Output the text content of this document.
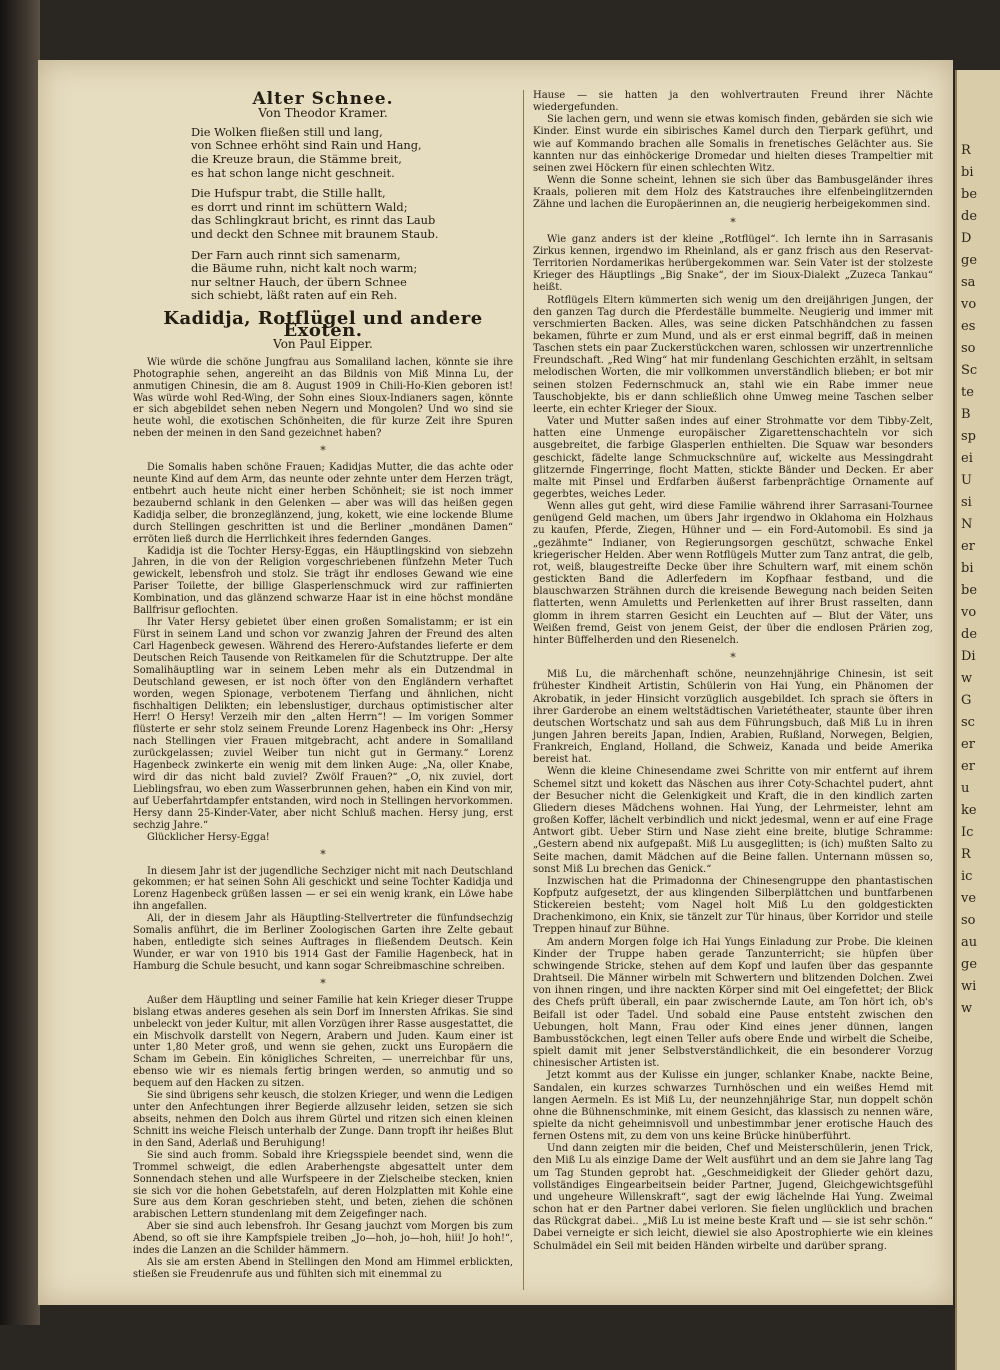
Alter Schnee.
Von Theodor Kramer.
Die Wolken fließen still und lang,
von Schnee erhöht sind Rain und Hang,
die Kreuze braun, die Stämme breit,
es hat schon lange nicht geschneit.
Die Hufspur trabt, die Stille hallt,
es dorrt und rinnt im schüttern Wald;
das Schlingkraut bricht, es rinnt das Laub
und deckt den Schnee mit braunem Staub.
Der Farn auch rinnt sich samenarm,
die Bäume ruhn, nicht kalt noch warm;
nur seltner Hauch, der übern Schnee
sich schiebt, läßt raten auf ein Reh.
Kadidja, Rotflügel und andere Exoten.
Von Paul Eipper.

Wie würde die schöne Jungfrau aus Somaliland lachen, könnte sie ihre Photographie sehen, angereiht an das Bildnis von Miß Minna Lu, der anmutigen Chinesin, die am 8. August 1909 in Chili-Ho-Kien geboren ist! Was würde wohl Red-Wing, der Sohn eines Sioux-Indianers sagen, könnte er sich abgebildet sehen neben Negern und Mongolen? Und wo sind sie heute wohl, die exotischen Schönheiten, die für kurze Zeit ihre Spuren neben der meinen in den Sand gezeichnet haben?

*

Die Somalis haben schöne Frauen; Kadidjas Mutter, die das achte oder neunte Kind auf dem Arm, das neunte oder zehnte unter dem Herzen trägt, entbehrt auch heute nicht einer herben Schönheit; sie ist noch immer bezaubernd schlank in den Gelenken — aber was will das heißen gegen Kadidja selber, die bronzeglänzend, jung, kokett, wie eine lockende Blume durch Stellingen geschritten ist und die Berliner „mondänen Damen“ erröten ließ durch die Herrlichkeit ihres federnden Ganges.

Kadidja ist die Tochter Hersy-Eggas, ein Häuptlingskind von siebzehn Jahren, in die von der Religion vorgeschriebenen fünfzehn Meter Tuch gewickelt, lebensfroh und stolz. Sie trägt ihr endloses Gewand wie eine Pariser Toilette, der billige Glasperlenschmuck wird zur raffinierten Kombination, und das glänzend schwarze Haar ist in eine höchst mondäne Ballfrisur geflochten.

Ihr Vater Hersy gebietet über einen großen Somalistamm; er ist ein Fürst in seinem Land und schon vor zwanzig Jahren der Freund des alten Carl Hagenbeck gewesen. Während des Herero-Aufstandes lieferte er dem Deutschen Reich Tausende von Reitkamelen für die Schutztruppe. Der alte Somalihäuptling war in seinem Leben mehr als ein Dutzendmal in Deutschland gewesen, er ist noch öfter von den Engländern verhaftet worden, wegen Spionage, verbotenem Tierfang und ähnlichen, nicht fischhaltigen Delikten; ein lebenslustiger, durchaus optimistischer alter Herr! O Hersy! Verzeih mir den „alten Herrn“! — Im vorigen Sommer flüsterte er sehr stolz seinem Freunde Lorenz Hagenbeck ins Ohr: „Hersy nach Stellingen vier Frauen mitgebracht, acht andere in Somaliland zurückgelassen; zuviel Weiber tun nicht gut in Germany.“ Lorenz Hagenbeck zwinkerte ein wenig mit dem linken Auge: „Na, oller Knabe, wird dir das nicht bald zuviel? Zwölf Frauen?“ „O, nix zuviel, dort Lieblingsfrau, wo eben zum Wasserbrunnen gehen, haben ein Kind von mir, auf Ueberfahrtdampfer entstanden, wird noch in Stellingen hervorkommen. Hersy dann 25-Kinder-Vater, aber nicht Schluß machen. Hersy jung, erst sechzig Jahre.“

Glücklicher Hersy-Egga!

*

In diesem Jahr ist der jugendliche Sechziger nicht mit nach Deutschland gekommen; er hat seinen Sohn Ali geschickt und seine Tochter Kadidja und Lorenz Hagenbeck grüßen lassen — er sei ein wenig krank, ein Löwe habe ihn angefallen.

Ali, der in diesem Jahr als Häuptling-Stellvertreter die fünfundsechzig Somalis anführt, die im Berliner Zoologischen Garten ihre Zelte gebaut haben, entledigte sich seines Auftrages in fließendem Deutsch. Kein Wunder, er war von 1910 bis 1914 Gast der Familie Hagenbeck, hat in Hamburg die Schule besucht, und kann sogar Schreibmaschine schreiben.

*

Außer dem Häuptling und seiner Familie hat kein Krieger dieser Truppe bislang etwas anderes gesehen als sein Dorf im Innersten Afrikas. Sie sind unbeleckt von jeder Kultur, mit allen Vorzügen ihrer Rasse ausgestattet, die ein Mischvolk darstellt von Negern, Arabern und Juden. Kaum einer ist unter 1,80 Meter groß, und wenn sie gehen, zuckt uns Europäern die Scham im Gebein. Ein königliches Schreiten, — unerreichbar für uns, ebenso wie wir es niemals fertig bringen werden, so anmutig und so bequem auf den Hacken zu sitzen.

Sie sind übrigens sehr keusch, die stolzen Krieger, und wenn die Ledigen unter den Anfechtungen ihrer Begierde allzusehr leiden, setzen sie sich abseits, nehmen den Dolch aus ihrem Gürtel und ritzen sich einen kleinen Schnitt ins weiche Fleisch unterhalb der Zunge. Dann tropft ihr heißes Blut in den Sand, Aderlaß und Beruhigung!

Sie sind auch fromm. Sobald ihre Kriegsspiele beendet sind, wenn die Trommel schweigt, die edlen Araberhengste abgesattelt unter dem Sonnendach stehen und alle Wurfspeere in der Zielscheibe stecken, knien sie sich vor die hohen Gebetstafeln, auf deren Holzplatten mit Kohle eine Sure aus dem Koran geschrieben steht, und beten, ziehen die schönen arabischen Lettern stundenlang mit dem Zeigefinger nach.

Aber sie sind auch lebensfroh. Ihr Gesang jauchzt vom Morgen bis zum Abend, so oft sie ihre Kampfspiele treiben „Jo—hoh, jo—hoh, hiii! Jo hoh!“, indes die Lanzen an die Schilder hämmern.

Als sie am ersten Abend in Stellingen den Mond am Himmel erblickten, stießen sie Freudenrufe aus und fühlten sich mit einemmal zu

Hause — sie hatten ja den wohlvertrauten Freund ihrer Nächte wiedergefunden.

Sie lachen gern, und wenn sie etwas komisch finden, gebärden sie sich wie Kinder. Einst wurde ein sibirisches Kamel durch den Tierpark geführt, und wie auf Kommando brachen alle Somalis in frenetisches Gelächter aus. Sie kannten nur das einhöckerige Dromedar und hielten dieses Trampeltier mit seinen zwei Höckern für einen schlechten Witz.

Wenn die Sonne scheint, lehnen sie sich über das Bambusgeländer ihres Kraals, polieren mit dem Holz des Katstrauches ihre elfenbeinglitzernden Zähne und lachen die Europäerinnen an, die neugierig herbeigekommen sind.

*

Wie ganz anders ist der kleine „Rotflügel“. Ich lernte ihn in Sarrasanis Zirkus kennen, irgendwo im Rheinland, als er ganz frisch aus den Reservat-Territorien Nordamerikas herübergekommen war. Sein Vater ist der stolzeste Krieger des Häuptlings „Big Snake“, der im Sioux-Dialekt „Zuzeca Tankau“ heißt.

Rotflügels Eltern kümmerten sich wenig um den dreijährigen Jungen, der den ganzen Tag durch die Pferdeställe bummelte. Neugierig und immer mit verschmierten Backen. Alles, was seine dicken Patschhändchen zu fassen bekamen, führte er zum Mund, und als er erst einmal begriff, daß in meinen Taschen stets ein paar Zuckerstückchen waren, schlossen wir unzertrennliche Freundschaft. „Red Wing“ hat mir fundenlang Geschichten erzählt, in seltsam melodischen Worten, die mir vollkommen unverständlich blieben; er bot mir seinen stolzen Federnschmuck an, stahl wie ein Rabe immer neue Tauschobjekte, bis er dann schließlich ohne Umweg meine Taschen selber leerte, ein echter Krieger der Sioux.

Vater und Mutter saßen indes auf einer Strohmatte vor dem Tibby-Zelt, hatten eine Unmenge europäischer Zigarettenschachteln vor sich ausgebreitet, die farbige Glasperlen enthielten. Die Squaw war besonders geschickt, fädelte lange Schmuckschnüre auf, wickelte aus Messingdraht glitzernde Fingerringe, flocht Matten, stickte Bänder und Decken. Er aber malte mit Pinsel und Erdfarben äußerst farbenprächtige Ornamente auf gegerbtes, weiches Leder.

Wenn alles gut geht, wird diese Familie während ihrer Sarrasani-Tournee genügend Geld machen, um übers Jahr irgendwo in Oklahoma ein Holzhaus zu kaufen, Pferde, Ziegen, Hühner und — ein Ford-Automobil. Es sind ja „gezähmte“ Indianer, von Regierungsorgen geschützt, schwache Enkel kriegerischer Helden. Aber wenn Rotflügels Mutter zum Tanz antrat, die gelb, rot, weiß, blaugestreifte Decke über ihre Schultern warf, mit einem schön gestickten Band die Adlerfedern im Kopfhaar festband, und die blauschwarzen Strähnen durch die kreisende Bewegung nach beiden Seiten flatterten, wenn Amuletts und Perlenketten auf ihrer Brust rasselten, dann glomm in ihrem starren Gesicht ein Leuchten auf — Blut der Väter, uns Weißen fremd, Geist von jenem Geist, der über die endlosen Prärien zog, hinter Büffelherden und den Riesenelch.

*

Miß Lu, die märchenhaft schöne, neunzehnjährige Chinesin, ist seit frühester Kindheit Artistin, Schülerin von Hai Yung, ein Phänomen der Akrobatik, in jeder Hinsicht vorzüglich ausgebildet. Ich sprach sie öfters in ihrer Garderobe an einem weltstädtischen Varietétheater, staunte über ihren deutschen Wortschatz und sah aus dem Führungsbuch, daß Miß Lu in ihren jungen Jahren bereits Japan, Indien, Arabien, Rußland, Norwegen, Belgien, Frankreich, England, Holland, die Schweiz, Kanada und beide Amerika bereist hat.

Wenn die kleine Chinesendame zwei Schritte von mir entfernt auf ihrem Schemel sitzt und kokett das Näschen aus ihrer Coty-Schachtel pudert, ahnt der Besucher nicht die Gelenkigkeit und Kraft, die in den kindlich zarten Gliedern dieses Mädchens wohnen. Hai Yung, der Lehrmeister, lehnt am großen Koffer, lächelt verbindlich und nickt jedesmal, wenn er auf eine Frage Antwort gibt. Ueber Stirn und Nase zieht eine breite, blutige Schramme: „Gestern abend nix aufgepaßt. Miß Lu ausgeglitten; is (ich) mußten Salto zu Seite machen, damit Mädchen auf die Beine fallen. Unternann müssen so, sonst Miß Lu brechen das Genick.“

Inzwischen hat die Primadonna der Chinesengruppe den phantastischen Kopfputz aufgesetzt, der aus klingenden Silberplättchen und buntfarbenen Stickereien besteht; vom Nagel holt Miß Lu den goldgestickten Drachenkimono, ein Knix, sie tänzelt zur Tür hinaus, über Korridor und steile Treppen hinauf zur Bühne.

Am andern Morgen folge ich Hai Yungs Einladung zur Probe. Die kleinen Kinder der Truppe haben gerade Tanzunterricht; sie hüpfen über schwingende Stricke, stehen auf dem Kopf und laufen über das gespannte Drahtseil. Die Männer wirbeln mit Schwertern und blitzenden Dolchen. Zwei von ihnen ringen, und ihre nackten Körper sind mit Oel eingefettet; der Blick des Chefs prüft überall, ein paar zwischernde Laute, am Ton hört ich, ob's Beifall ist oder Tadel. Und sobald eine Pause entsteht zwischen den Uebungen, holt Mann, Frau oder Kind eines jener dünnen, langen Bambusstöckchen, legt einen Teller aufs obere Ende und wirbelt die Scheibe, spielt damit mit jener Selbstverständlichkeit, die ein besonderer Vorzug chinesischer Artisten ist.

Jetzt kommt aus der Kulisse ein junger, schlanker Knabe, nackte Beine, Sandalen, ein kurzes schwarzes Turnhöschen und ein weißes Hemd mit langen Aermeln. Es ist Miß Lu, der neunzehnjährige Star, nun doppelt schön ohne die Bühnenschminke, mit einem Gesicht, das klassisch zu nennen wäre, spielte da nicht geheimnisvoll und unbestimmbar jener erotische Hauch des fernen Ostens mit, zu dem von uns keine Brücke hinüberführt.

Und dann zeigten mir die beiden, Chef und Meisterschülerin, jenen Trick, den Miß Lu als einzige Dame der Welt ausführt und an dem sie Jahre lang Tag um Tag Stunden geprobt hat. „Geschmeidigkeit der Glieder gehört dazu, vollständiges Eingearbeitsein beider Partner, Jugend, Gleichgewichtsgefühl und ungeheure Willenskraft“, sagt der ewig lächelnde Hai Yung. Zweimal schon hat er den Partner dabei verloren. Sie fielen unglücklich und brachen das Rückgrat dabei.. „Miß Lu ist meine beste Kraft und — sie ist sehr schön.“ Dabei verneigte er sich leicht, diewiel sie also Apostrophierte wie ein kleines Schulmädel ein Seil mit beiden Händen wirbelte und darüber sprang.

R
bi
be
de
D
ge
sa
vo
es
so
Sc
te
B
sp
ei
U
si
N
er
bi
be
vo
de
Di
w
G
sc
er
er
u
ke
Ic
R
ic
ve
so
au
ge
wi
w
